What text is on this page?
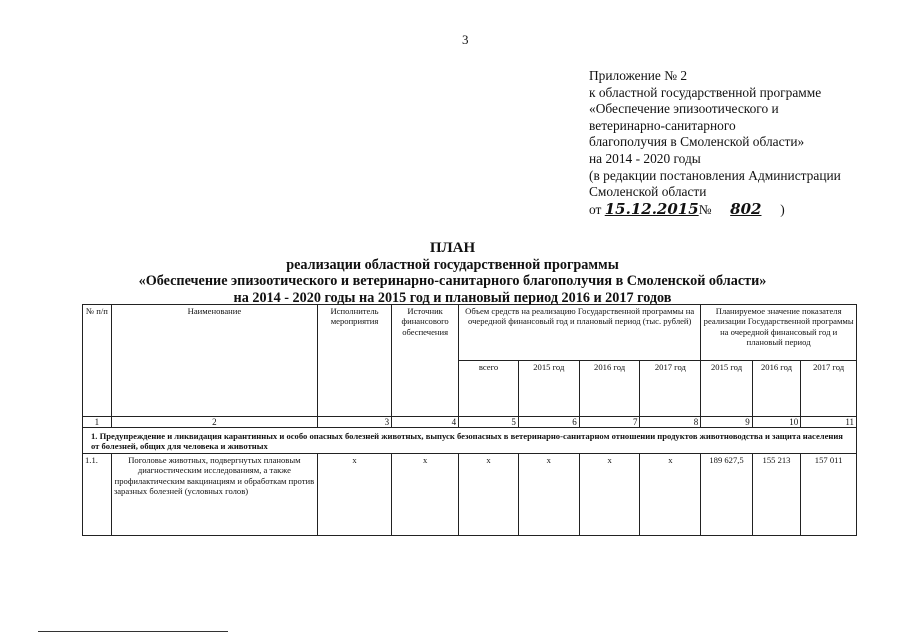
3
Приложение № 2
к областной государственной программе
«Обеспечение эпизоотического и
ветеринарно-санитарного
благополучия в Смоленской области»
на 2014 - 2020 годы
(в редакции постановления Администрации
Смоленской области
от 15.12.2015№ 802 )
ПЛАН
реализации областной государственной программы
«Обеспечение эпизоотического и ветеринарно-санитарного благополучия в Смоленской области»
на 2014 - 2020 годы на 2015 год и плановый период 2016 и 2017 годов
№ п/п	Наименование	Исполнитель мероприятия	Источник финансового обеспечения	Объем средств на реализацию Государственной программы на очередной финансовый год и плановый период (тыс. рублей)				Планируемое значение показателя реализации Государственной программы на очередной финансовый год и плановый период		
				всего	2015 год	2016 год	2017 год	2015 год	2016 год	2017 год
1	2	3	4	5	6	7	8	9	10	11
1. Предупреждение и ликвидация карантинных и особо опасных болезней животных, выпуск безопасных в ветеринарно-санитарном отношении продуктов животноводства и защита населения от болезней, общих для человека и животных										
1.1.	Поголовье животных, подвергнутых плановым диагностическим исследованиям, а также профилактическим вакцинациям и обработкам против заразных болезней (условных голов)	х	х	х	х	х	х	189 627,5	155 213	157 011
